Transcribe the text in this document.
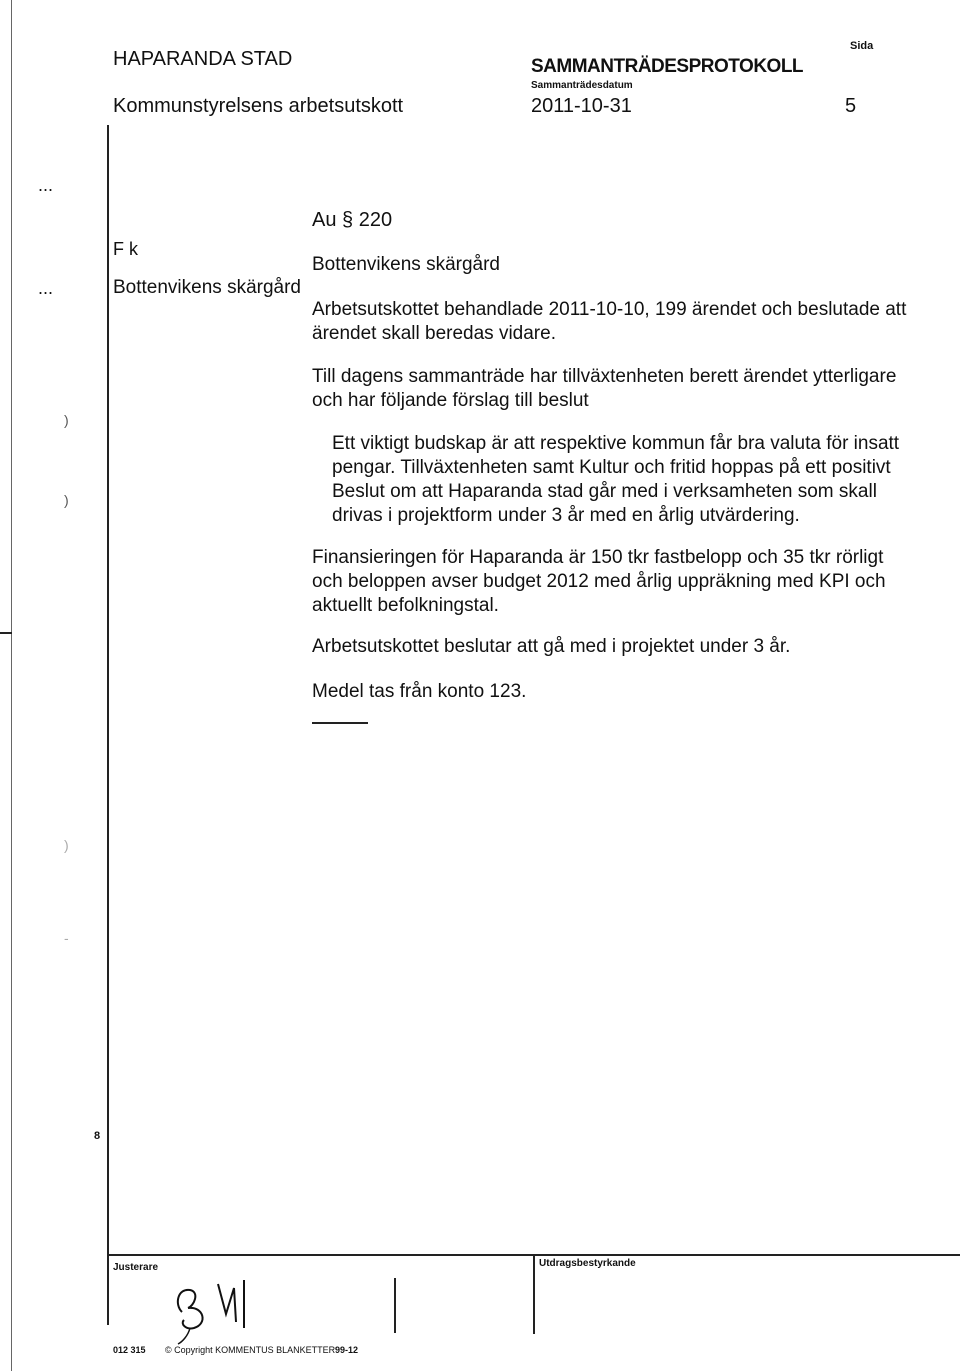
HAPARANDA STAD
Kommunstyrelsens arbetsutskott
SAMMANTRÄDESPROTOKOLL
Sammanträdesdatum
2011-10-31
Sida
5
...
...
)
)
)
-
F k
Bottenvikens skärgård
Au § 220
Bottenvikens skärgård
Arbetsutskottet behandlade 2011-10-10, 199 ärendet och beslutade att
ärendet skall beredas vidare.
Till dagens sammanträde har tillväxtenheten berett ärendet ytterligare
och har följande förslag till beslut
Ett viktigt budskap är att respektive kommun får bra valuta för insatt
pengar. Tillväxtenheten samt Kultur och fritid hoppas på ett positivt
Beslut om att Haparanda stad går med i verksamheten som skall
drivas i projektform under 3 år med en årlig utvärdering.
Finansieringen för Haparanda är 150 tkr fastbelopp och 35 tkr rörligt
och beloppen avser budget 2012 med årlig uppräkning med KPI och
aktuellt befolkningstal.
Arbetsutskottet beslutar att gå med i projektet under 3 år.
Medel tas från konto 123.
8
Justerare	Utdragsbestyrkande
012 315 © Copyright KOMMENTUS BLANKETTER 99-12
